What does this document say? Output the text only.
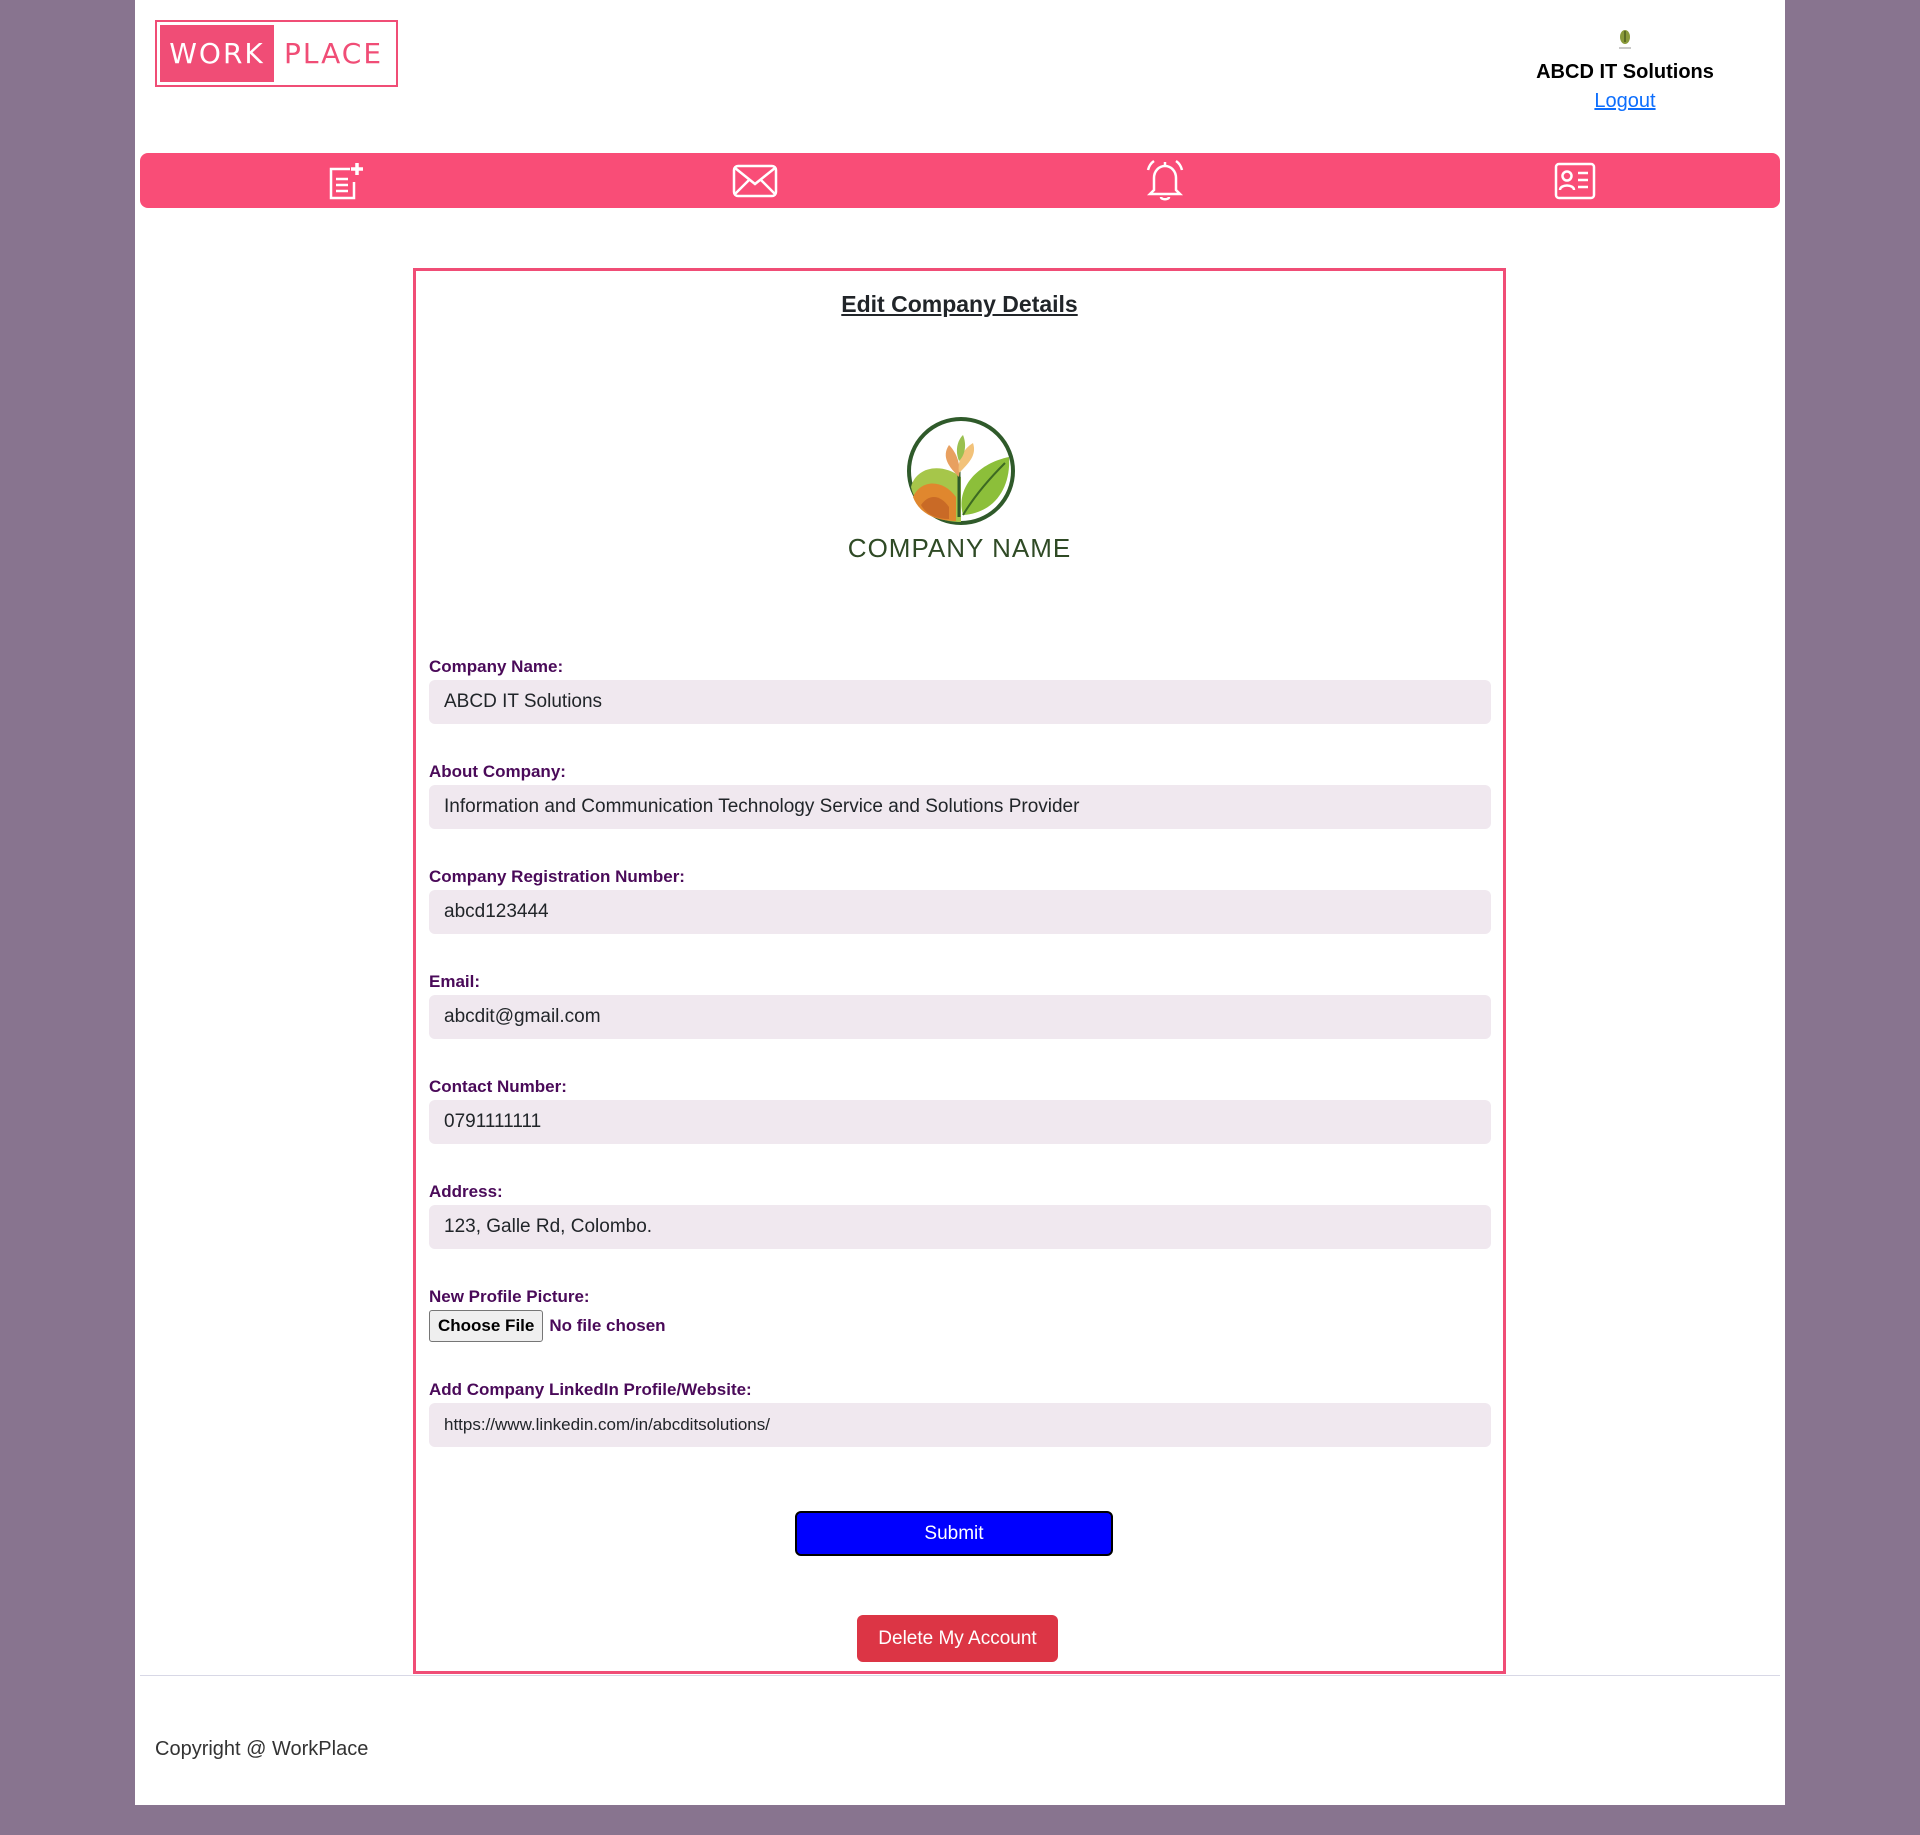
WORK PLACE
ABCD IT Solutions
Logout
Edit Company Details
COMPANY NAME
Company Name:
ABCD IT Solutions
About Company:
Information and Communication Technology Service and Solutions Provider
Company Registration Number:
abcd123444
Email:
abcdit@gmail.com
Contact Number:
0791111111
Address:
123, Galle Rd, Colombo.
New Profile Picture:
Choose File No file chosen
Add Company LinkedIn Profile/Website:
https://www.linkedin.com/in/abcditsolutions/
Submit
Delete My Account
Copyright @ WorkPlace
